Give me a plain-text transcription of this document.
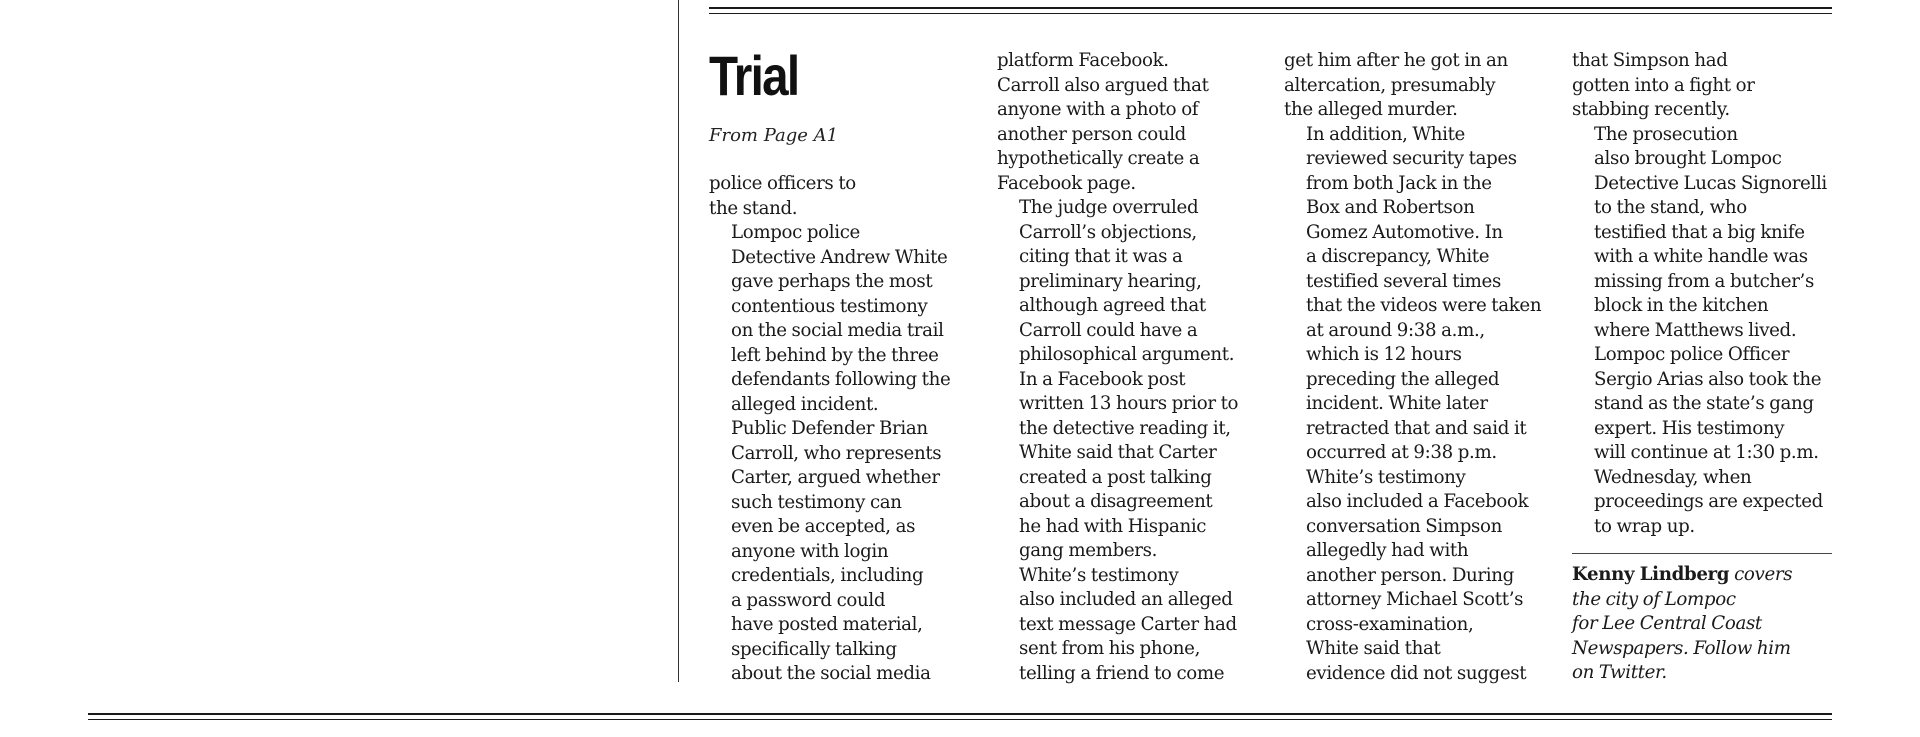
Trial
From Page A1

police officers to
the stand.

Lompoc police
Detective Andrew White
gave perhaps the most
contentious testimony
on the social media trail
left behind by the three
defendants following the
alleged incident.

Public Defender Brian
Carroll, who represents
Carter, argued whether
such testimony can
even be accepted, as
anyone with login
credentials, including
a password could
have posted material,
specifically talking
about the social media

platform Facebook.
Carroll also argued that
anyone with a photo of
another person could
hypothetically create a
Facebook page.

The judge overruled
Carroll’s objections,
citing that it was a
preliminary hearing,
although agreed that
Carroll could have a
philosophical argument.

In a Facebook post
written 13 hours prior to
the detective reading it,
White said that Carter
created a post talking
about a disagreement
he had with Hispanic
gang members.

White’s testimony
also included an alleged
text message Carter had
sent from his phone,
telling a friend to come

get him after he got in an
altercation, presumably
the alleged murder.

In addition, White
reviewed security tapes
from both Jack in the
Box and Robertson
Gomez Automotive. In
a discrepancy, White
testified several times
that the videos were taken
at around 9:38 a.m.,
which is 12 hours
preceding the alleged
incident. White later
retracted that and said it
occurred at 9:38 p.m.

White’s testimony
also included a Facebook
conversation Simpson
allegedly had with
another person. During
attorney Michael Scott’s
cross-examination,
White said that
evidence did not suggest

that Simpson had
gotten into a fight or
stabbing recently.

The prosecution
also brought Lompoc
Detective Lucas Signorelli
to the stand, who
testified that a big knife
with a white handle was
missing from a butcher’s
block in the kitchen
where Matthews lived.

Lompoc police Officer
Sergio Arias also took the
stand as the state’s gang
expert. His testimony
will continue at 1:30 p.m.
Wednesday, when
proceedings are expected
to wrap up.

Kenny Lindberg covers
the city of Lompoc
for Lee Central Coast
Newspapers. Follow him
on Twitter.
